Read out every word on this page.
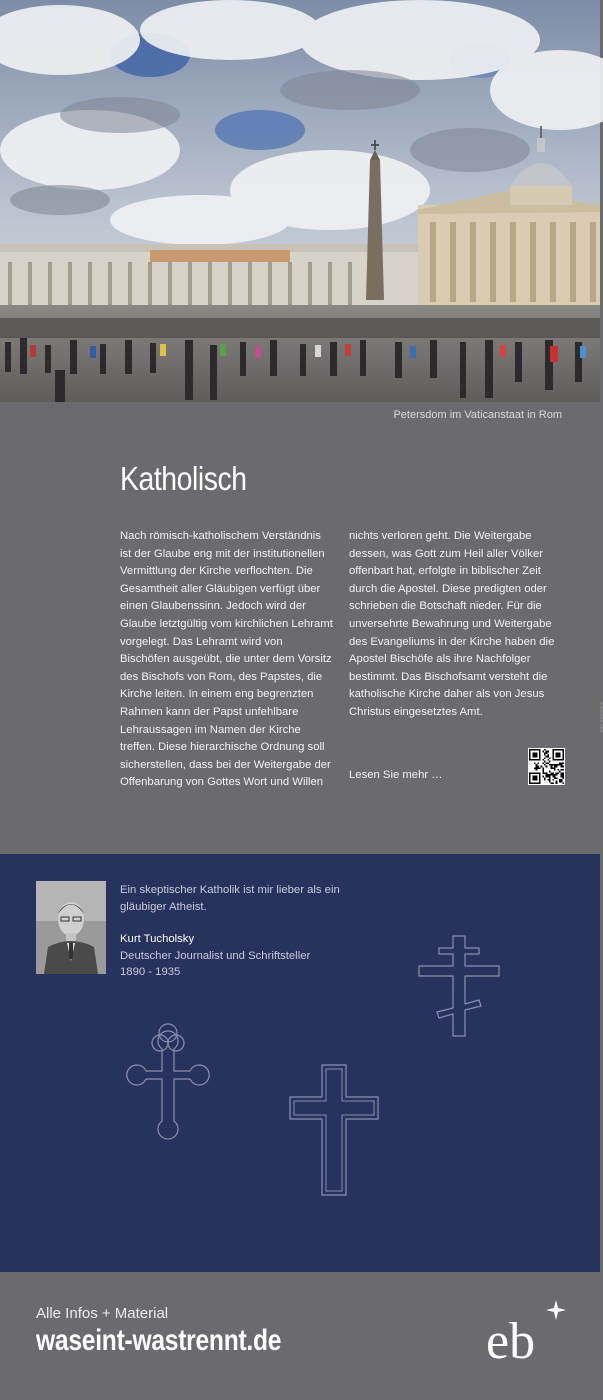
Petersdom im Vaticanstaat in Rom
Foto: Ackermann
Katholisch

Nach römisch-katholischem Verständnis ist der Glaube eng mit der institutionellen Vermittlung der Kirche verflochten. Die Gesamtheit aller Gläubigen verfügt über einen Glaubenssinn. Jedoch wird der Glaube letztgültig vom kirchlichen Lehramt vorgelegt. Das Lehramt wird von Bischöfen ausgeübt, die unter dem Vorsitz des Bischofs von Rom, des Papstes, die Kirche leiten. In einem eng begrenzten Rahmen kann der Papst unfehlbare Lehraussagen im Namen der Kirche treffen. Diese hierarchische Ordnung soll sicherstellen, dass bei der Weitergabe der Offenbarung von Gottes Wort und Willen

nichts verloren geht. Die Weitergabe dessen, was Gott zum Heil aller Völker offenbart hat, erfolgte in biblischer Zeit durch die Apostel. Diese predigten oder schrieben die Botschaft nieder. Für die unversehrte Bewahrung und Weitergabe des Evangeliums in der Kirche haben die Apostel Bischöfe als ihre Nachfolger bestimmt. Das Bischofsamt versteht die katholische Kirche daher als von Jesus Christus eingesetztes Amt.

Lesen Sie mehr …

Ein skeptischer Katholik ist mir lieber als ein gläubiger Atheist.

Kurt Tucholsky
Deutscher Journalist und Schriftsteller
1890 - 1935
Alle Infos + Material
waseint-wastrennt.de	eb
